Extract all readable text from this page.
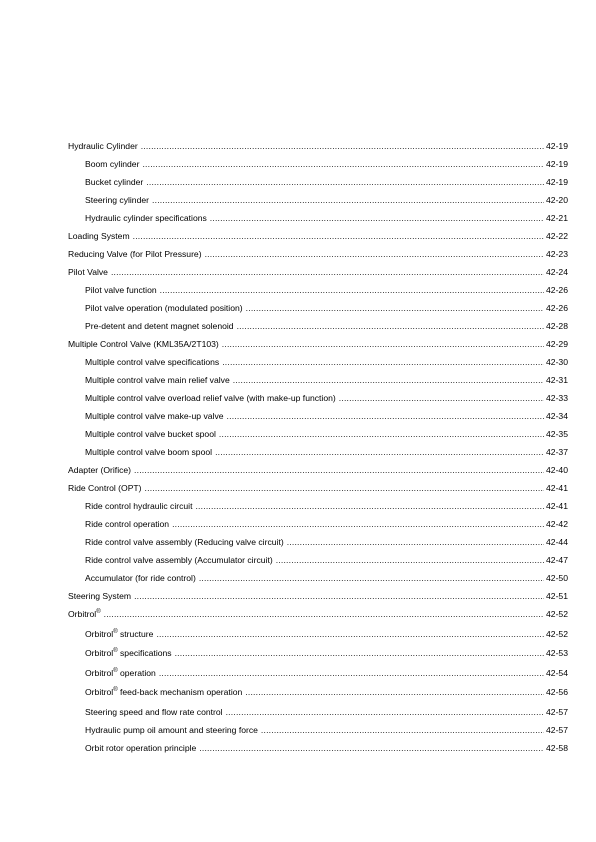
Hydraulic Cylinder .....	42-19
Boom cylinder .....	42-19
Bucket cylinder .....	42-19
Steering cylinder .....	42-20
Hydraulic cylinder specifications .....	42-21
Loading System .....	42-22
Reducing Valve (for Pilot Pressure) .....	42-23
Pilot Valve .....	42-24
Pilot valve function .....	42-26
Pilot valve operation (modulated position) .....	42-26
Pre-detent and detent magnet solenoid .....	42-28
Multiple Control Valve (KML35A/2T103) .....	42-29
Multiple control valve specifications .....	42-30
Multiple control valve main relief valve .....	42-31
Multiple control valve overload relief valve (with make-up function) .....	42-33
Multiple control valve make-up valve .....	42-34
Multiple control valve bucket spool .....	42-35
Multiple control valve boom spool .....	42-37
Adapter (Orifice) .....	42-40
Ride Control (OPT) .....	42-41
Ride control hydraulic circuit .....	42-41
Ride control operation .....	42-42
Ride control valve assembly (Reducing valve circuit) .....	42-44
Ride control valve assembly (Accumulator circuit) .....	42-47
Accumulator (for ride control) .....	42-50
Steering System .....	42-51
Orbitrol® .....	42-52
Orbitrol® structure .....	42-52
Orbitrol® specifications .....	42-53
Orbitrol® operation .....	42-54
Orbitrol® feed-back mechanism operation .....	42-56
Steering speed and flow rate control .....	42-57
Hydraulic pump oil amount and steering force .....	42-57
Orbit rotor operation principle .....	42-58
